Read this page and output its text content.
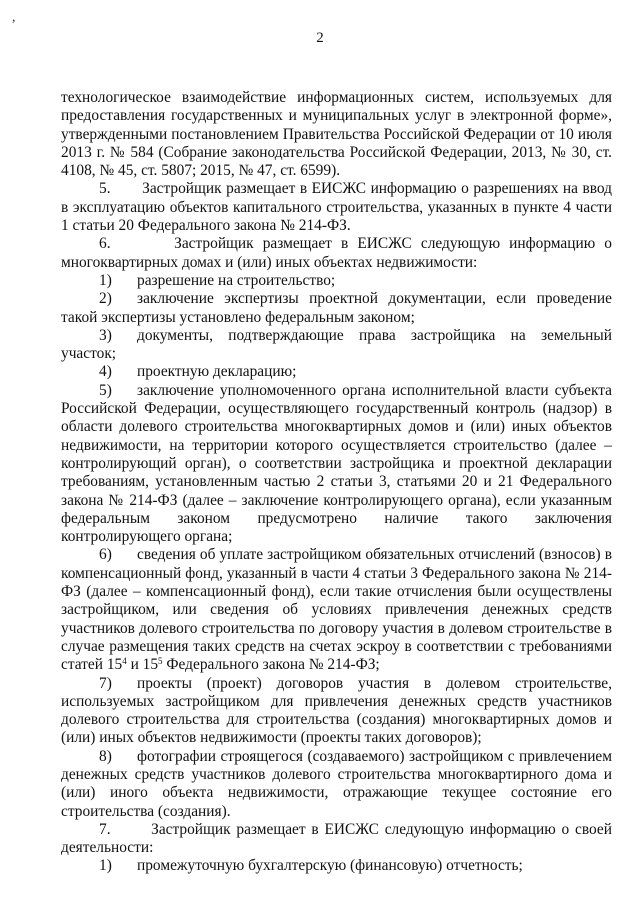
,
2

технологическое взаимодействие информационных систем, используемых для предоставления государственных и муниципальных услуг в электронной форме», утвержденными постановлением Правительства Российской Федерации от 10 июля 2013 г. № 584 (Собрание законодательства Российской Федерации, 2013, № 30, ст. 4108, № 45, ст. 5807; 2015, № 47, ст. 6599).

5.       Застройщик размещает в ЕИСЖС информацию о разрешениях на ввод в эксплуатацию объектов капитального строительства, указанных в пункте 4 части 1 статьи 20 Федерального закона № 214-ФЗ.

6.       Застройщик размещает в ЕИСЖС следующую информацию о многоквартирных домах и (или) иных объектах недвижимости:

1) разрешение на строительство;

2) заключение экспертизы проектной документации, если проведение такой экспертизы установлено федеральным законом;

3) документы, подтверждающие права застройщика на земельный участок;

4) проектную декларацию;

5) заключение уполномоченного органа исполнительной власти субъекта Российской Федерации, осуществляющего государственный контроль (надзор) в области долевого строительства многоквартирных домов и (или) иных объектов недвижимости, на территории которого осуществляется строительство (далее – контролирующий орган), о соответствии застройщика и проектной декларации требованиям, установленным частью 2 статьи 3, статьями 20 и 21 Федерального закона № 214-ФЗ (далее – заключение контролирующего органа), если указанным федеральным законом предусмотрено наличие такого заключения контролирующего органа;

6) сведения об уплате застройщиком обязательных отчислений (взносов) в компенсационный фонд, указанный в части 4 статьи 3 Федерального закона № 214-ФЗ (далее – компенсационный фонд), если такие отчисления были осуществлены застройщиком, или сведения об условиях привлечения денежных средств участников долевого строительства по договору участия в долевом строительстве в случае размещения таких средств на счетах эскроу в соответствии с требованиями статей $15^4$ и $15^5$ Федерального закона № 214-ФЗ;

7) проекты (проект) договоров участия в долевом строительстве, используемых застройщиком для привлечения денежных средств участников долевого строительства для строительства (создания) многоквартирных домов и (или) иных объектов недвижимости (проекты таких договоров);

8) фотографии строящегося (создаваемого) застройщиком с привлечением денежных средств участников долевого строительства многоквартирного дома и (или) иного объекта недвижимости, отражающие текущее состояние его строительства (создания).

7.       Застройщик размещает в ЕИСЖС следующую информацию о своей деятельности:

1) промежуточную бухгалтерскую (финансовую) отчетность;
